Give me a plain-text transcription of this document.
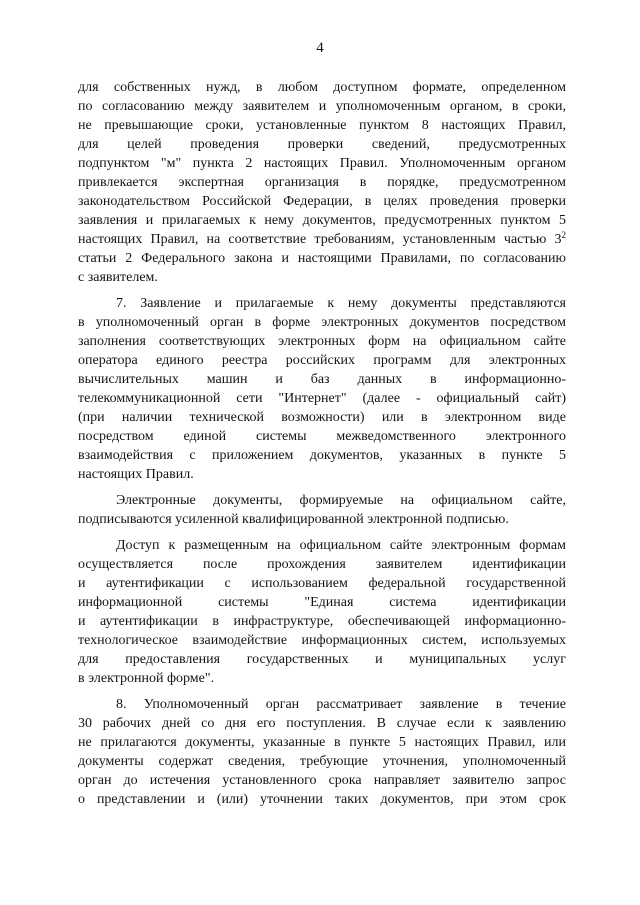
4
для собственных нужд, в любом доступном формате, определенном
по согласованию между заявителем и уполномоченным органом, в сроки,
не превышающие сроки, установленные пунктом 8 настоящих Правил,
для целей проведения проверки сведений, предусмотренных
подпунктом "м" пункта 2 настоящих Правил. Уполномоченным органом
привлекается экспертная организация в порядке, предусмотренном
законодательством Российской Федерации, в целях проведения проверки
заявления и прилагаемых к нему документов, предусмотренных пунктом 5
настоящих Правил, на соответствие требованиям, установленным частью $3^2$
статьи 2 Федерального закона и настоящими Правилами, по согласованию
с заявителем.
7. Заявление и прилагаемые к нему документы представляются
в уполномоченный орган в форме электронных документов посредством
заполнения соответствующих электронных форм на официальном сайте
оператора единого реестра российских программ для электронных
вычислительных машин и баз данных в информационно-
телекоммуникационной сети "Интернет" (далее - официальный сайт)
(при наличии технической возможности) или в электронном виде
посредством единой системы межведомственного электронного
взаимодействия с приложением документов, указанных в пункте 5
настоящих Правил.
Электронные документы, формируемые на официальном сайте,
подписываются усиленной квалифицированной электронной подписью.
Доступ к размещенным на официальном сайте электронным формам
осуществляется после прохождения заявителем идентификации
и аутентификации с использованием федеральной государственной
информационной системы "Единая система идентификации
и аутентификации в инфраструктуре, обеспечивающей информационно-
технологическое взаимодействие информационных систем, используемых
для предоставления государственных и муниципальных услуг
в электронной форме".
8. Уполномоченный орган рассматривает заявление в течение
30 рабочих дней со дня его поступления. В случае если к заявлению
не прилагаются документы, указанные в пункте 5 настоящих Правил, или
документы содержат сведения, требующие уточнения, уполномоченный
орган до истечения установленного срока направляет заявителю запрос
о представлении и (или) уточнении таких документов, при этом срок
